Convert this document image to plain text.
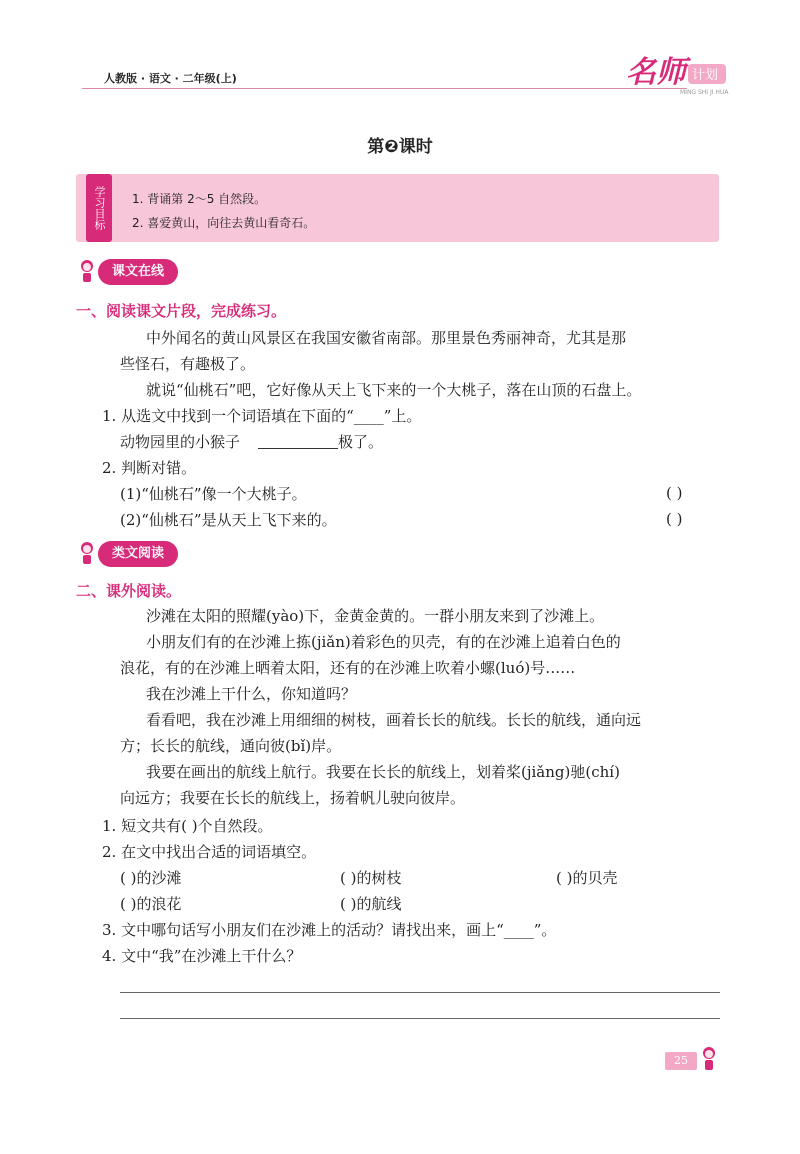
人教版 · 语文 · 二年级(上)	名师 计划
MING SHI JI HUA
第❷课时
学习目标	1. 背诵第 2～5 自然段。
2. 喜爱黄山，向往去黄山看奇石。
课文在线
一、阅读课文片段，完成练习。
中外闻名的黄山风景区在我国安徽省南部。那里景色秀丽神奇，尤其是那
些怪石，有趣极了。
就说“仙桃石”吧，它好像从天上飞下来的一个大桃子，落在山顶的石盘上。
1. 从选文中找到一个词语填在下面的“____”上。
动物园里的小猴子	极了。
2. 判断对错。
(1)“仙桃石”像一个大桃子。	( )
(2)“仙桃石”是从天上飞下来的。	( )
类文阅读
二、课外阅读。
沙滩在太阳的照耀(yào)下，金黄金黄的。一群小朋友来到了沙滩上。
小朋友们有的在沙滩上拣(jiǎn)着彩色的贝壳，有的在沙滩上追着白色的
浪花，有的在沙滩上晒着太阳，还有的在沙滩上吹着小螺(luó)号……
我在沙滩上干什么，你知道吗？
看看吧，我在沙滩上用细细的树枝，画着长长的航线。长长的航线，通向远
方；长长的航线，通向彼(bǐ)岸。
我要在画出的航线上航行。我要在长长的航线上，划着桨(jiǎng)驰(chí)
向远方；我要在长长的航线上，扬着帆儿驶向彼岸。
1. 短文共有( )个自然段。
2. 在文中找出合适的词语填空。
( )的沙滩	( )的树枝	( )的贝壳
( )的浪花	( )的航线
3. 文中哪句话写小朋友们在沙滩上的活动？请找出来，画上“____”。
4. 文中“我”在沙滩上干什么？
25
